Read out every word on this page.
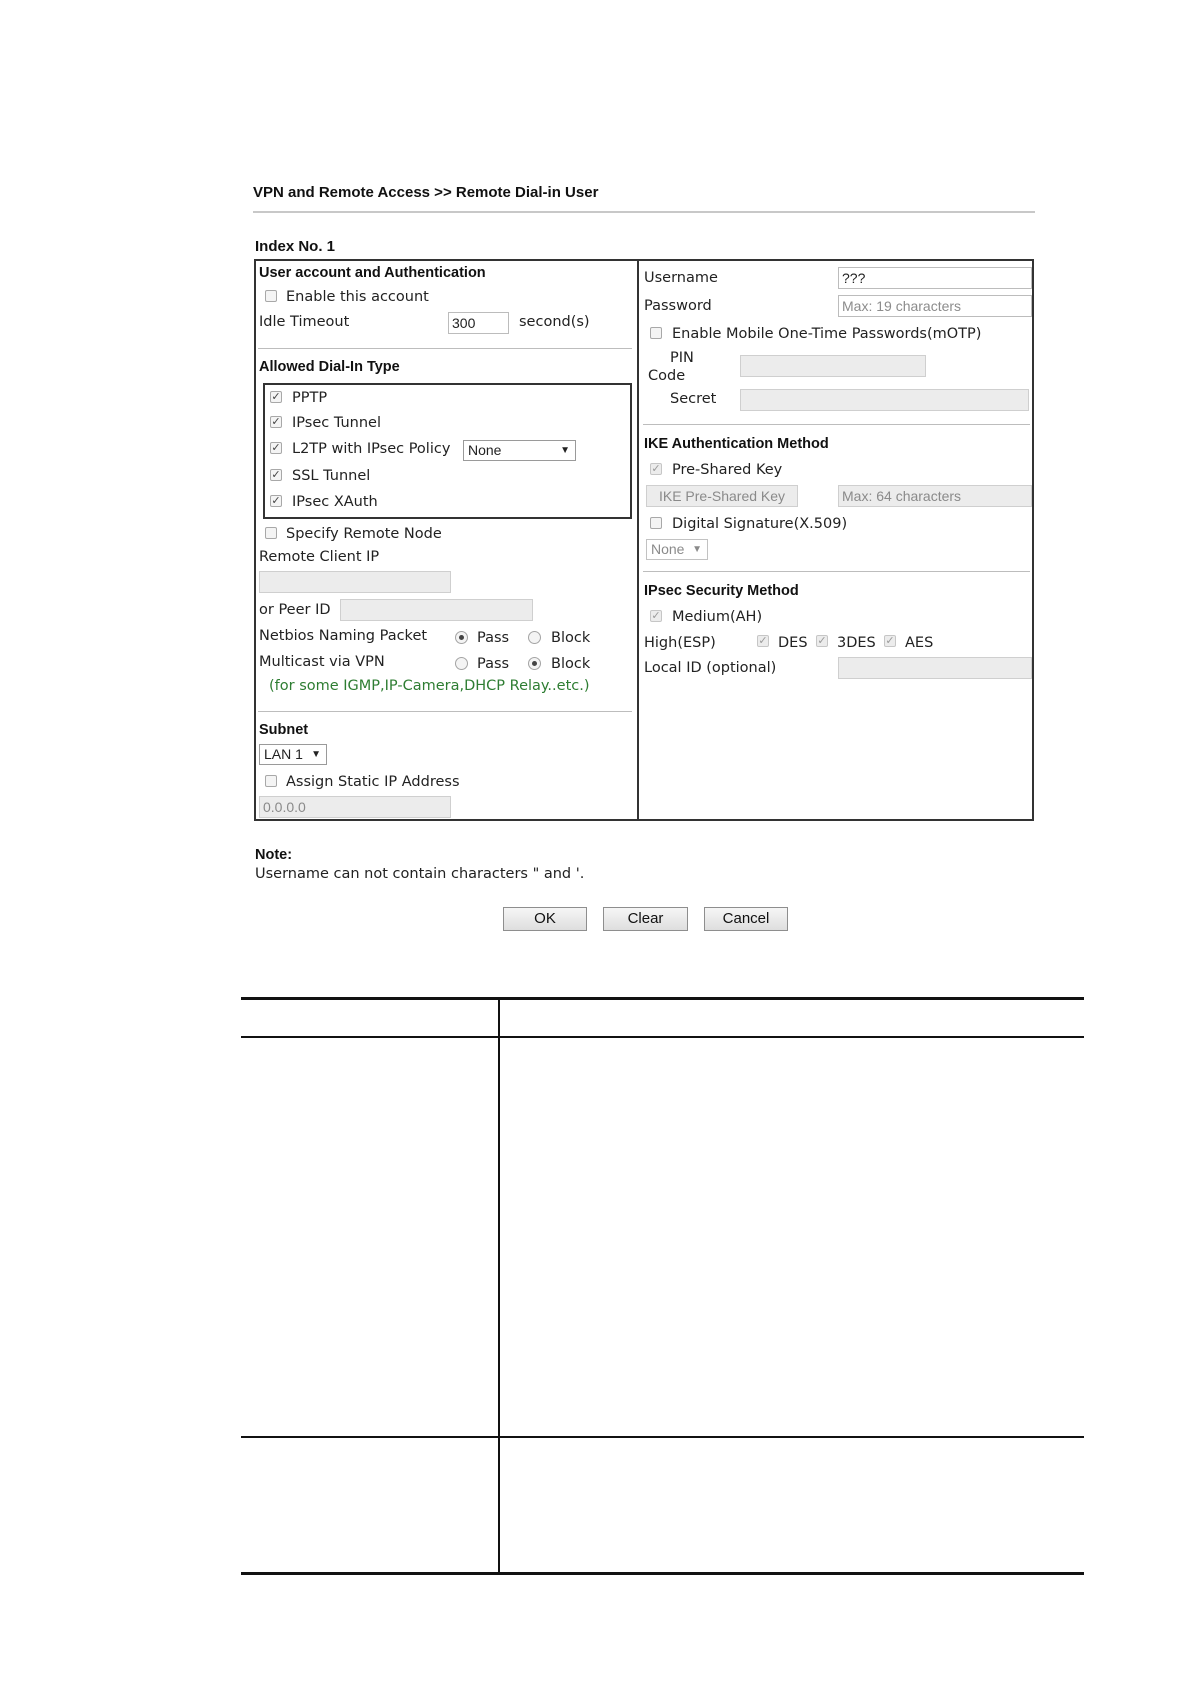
VPN and Remote Access >> Remote Dial-in User
Index No. 1
User account and Authentication
Enable this account
Idle Timeout	300	second(s)
Allowed Dial-In Type
✓ PPTP
✓ IPsec Tunnel
✓ L2TP with IPsec Policy	None	▼
✓ SSL Tunnel
✓ IPsec XAuth
Specify Remote Node
Remote Client IP
or Peer ID
Netbios Naming Packet	Pass	Block
Multicast via VPN	Pass	Block
(for some IGMP,IP-Camera,DHCP Relay..etc.)
Subnet
LAN 1 ▼
Assign Static IP Address
0.0.0.0
Username	???
Password	Max: 19 characters
Enable Mobile One-Time Passwords(mOTP)
PIN
Code
Secret
IKE Authentication Method
✓ Pre-Shared Key
IKE Pre-Shared Key	Max: 64 characters
Digital Signature(X.509)
None ▼
IPsec Security Method
✓ Medium(AH)
High(ESP)	✓ DES ✓ 3DES ✓ AES
Local ID (optional)
Note:
Username can not contain characters " and '.
OK	Clear	Cancel
